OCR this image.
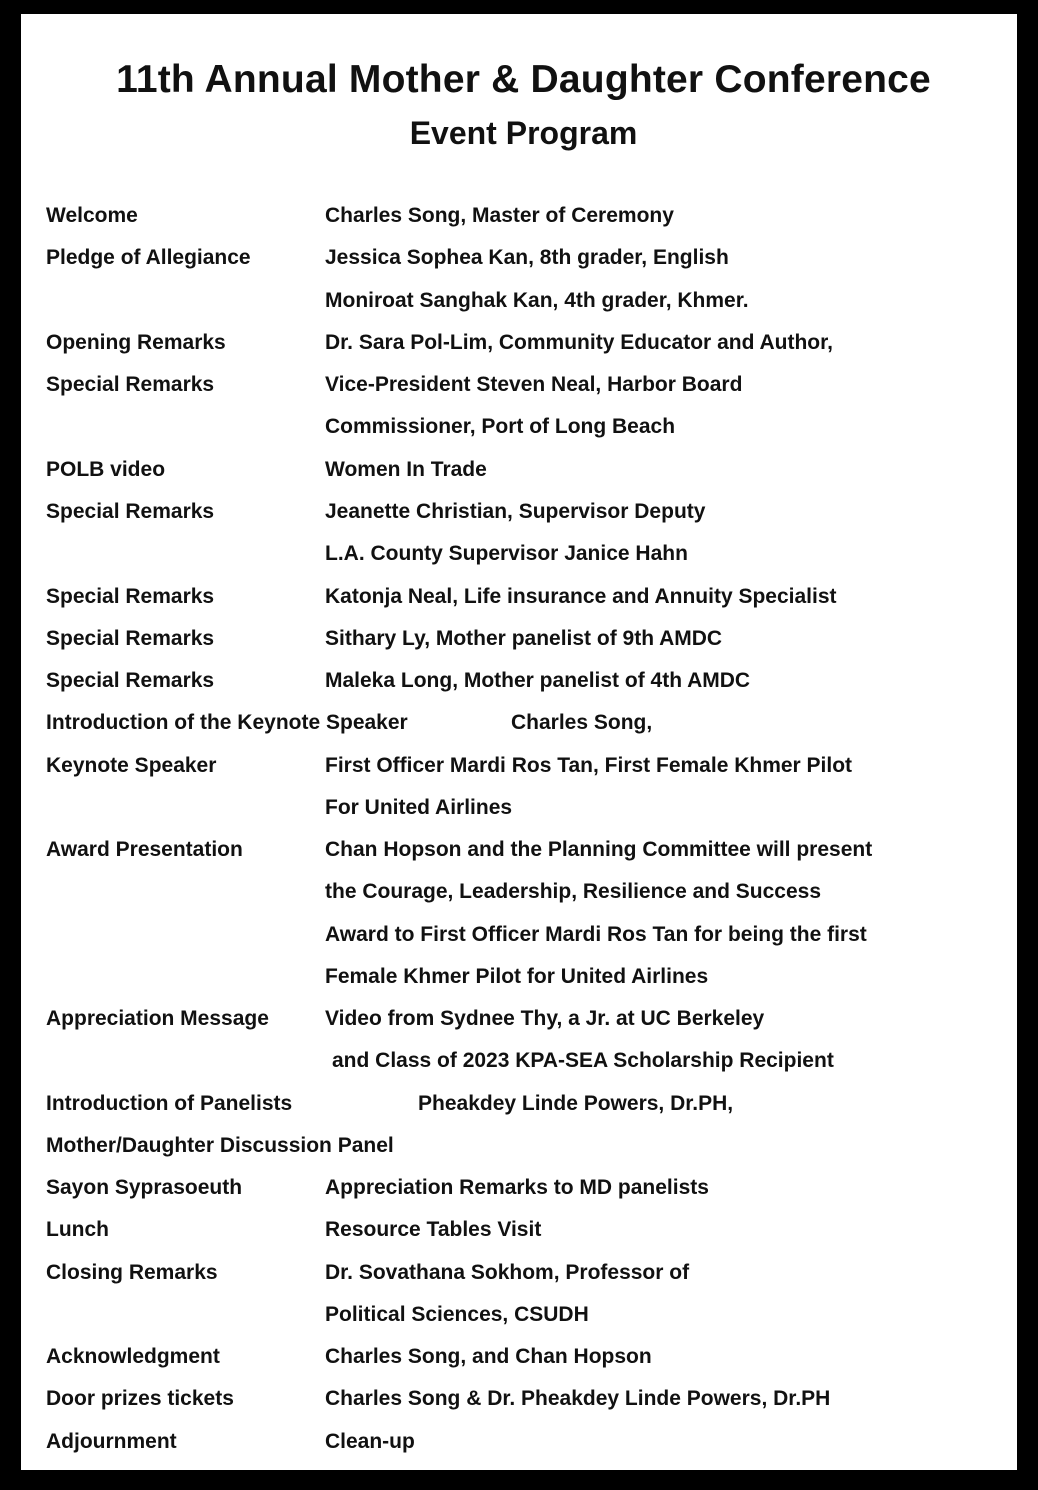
11th Annual Mother & Daughter Conference
Event Program
Welcome	Charles Song, Master of Ceremony
Pledge of Allegiance	Jessica Sophea Kan, 8th grader, English
Moniroat Sanghak Kan, 4th grader, Khmer.
Opening Remarks	Dr. Sara Pol-Lim, Community Educator and Author,
Special Remarks	Vice-President Steven Neal, Harbor Board
Commissioner, Port of Long Beach
POLB video	Women In Trade
Special Remarks	Jeanette Christian, Supervisor Deputy
L.A. County Supervisor Janice Hahn
Special Remarks	Katonja Neal, Life insurance and Annuity Specialist
Special Remarks	Sithary Ly, Mother panelist of 9th AMDC
Special Remarks	Maleka Long, Mother panelist of 4th AMDC
Introduction of the Keynote Speaker	Charles Song,
Keynote Speaker	First Officer Mardi Ros Tan, First Female Khmer Pilot
For United Airlines
Award Presentation	Chan Hopson and the Planning Committee will present
the Courage, Leadership, Resilience and Success
Award to First Officer Mardi Ros Tan for being the first
Female Khmer Pilot for United Airlines
Appreciation Message	Video from Sydnee Thy, a Jr. at UC Berkeley
and Class of 2023 KPA-SEA Scholarship Recipient
Introduction of Panelists	Pheakdey Linde Powers, Dr.PH,
Mother/Daughter Discussion Panel
Sayon Syprasoeuth	Appreciation Remarks to MD panelists
Lunch	Resource Tables Visit
Closing Remarks	Dr. Sovathana Sokhom, Professor of
Political Sciences, CSUDH
Acknowledgment	Charles Song, and Chan Hopson
Door prizes tickets	Charles Song & Dr. Pheakdey Linde Powers, Dr.PH
Adjournment	Clean-up
